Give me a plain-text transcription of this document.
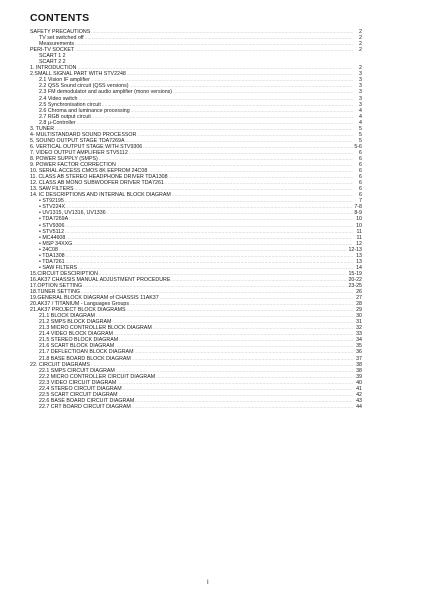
CONTENTS
SAFETY PRECAUTIONS .....	2
TV set switched off .....	2
Measurements .....	2
PERI-TV SOCKET .....	2
SCART 1 2
SCART 2 2
1. INTRODUCTION .....	2
2.SMALL SIGNAL PART WITH STV2248 .....	3
2.1 Vision IF amplifier .....	3
2.2 QSS Sound circuit (QSS versions) .....	3
2.3 FM demodulator and audio amplifier (mono versions) .....	3
2.4 Video switch .....	3
2.5 Synchronisation circuit .....	3
2.6 Chroma and luminance processing .....	4
2.7 RGB output circuit .....	4
2.8 µ-Controller .....	4
3. TUNER .....	5
4- MULTISTANDARD SOUND PROCESSOR .....	5
5. SOUND OUTPUT STAGE TDA7269A .....	5
6. VERTICAL OUTPUT STAGE WITH STV9306 .....	5-6
7. VIDEO OUTPUT AMPLIFIER STV5112 .....	6
8. POWER SUPPLY (SMPS) .....	6
9. POWER FACTOR CORRECTION .....	6
10. SERIAL ACCESS CMOS 8K EEPROM 24C08 .....	6
11. CLASS AB STEREO HEADPHONE DRIVER TDA1308 .....	6
12. CLASS AB MONO SUBWOOFER DRIVER TDA7261 .....	6
13. SAW FILTERS .....	6
14. IC DESCRIPTIONS AND INTERNAL BLOCK DIAGRAM .....	6
• ST92195 .....	7
• STV224X .....	7-8
• UV1315, UV1316, UV1336 .....	8-9
• TDA7269A .....	10
• STV9306 .....	10
• STV5112 .....	11
• MC44608 .....	11
• MSP 34XXG .....	12
• 24C08 .....	12-13
• TDA1308 .....	13
• TDA7261 .....	13
• SAW FILTERS .....	14
15.CIRCUIT DESCIRIPTION .....	15-19
16.AK37 CHASSIS MANUAL ADJUSTMENT PROCEDURE .....	20-22
17.OPTION SETTING .....	23-25
18.TUNER SETTING .....	26
19.GENERAL BLOCK DIAGRAM of CHASSIS 11AK37 .....	27
20.AK37 / TITANIUM - Languages Groups .....	28
21.AK37 PROJECT BLOCK DIAGRAMS .....	29
21.1 BLOCK DIAGRAM .....	30
21.2 SMPS BLOCK DIAGRAM .....	31
21.3 MICRO CONTROLLER BLOCK DIAGRAM .....	32
21.4 VIDEO BLOCK DIAGRAM .....	33
21.5 STEREO BLOCK DIAGRAM .....	34
21.6 SCART BLOCK DIAGRAM .....	35
21.7 DEFLECTIOAN BLOCK DIAGRAM .....	36
21.8 BASE BOARD BLOCK DIAGRAM .....	37
22. CIRCUIT DIAGRAMS .....	38
22.1 SMPS CIRCUIT DIAGRAM .....	38
22.2 MICRO CONTROLLER CIRCUIT DIAGRAM .....	39
22.3 VIDEO CIRCUIT DIAGRAM .....	40
22.4 STEREO CIRCUIT DIAGRAM .....	41
22.5 SCART CIRCUIT DIAGRAM .....	42
22.6 BASE BOARD CIRCUIT DIAGRAM .....	43
22.7 CRT BOARD CIRCUIT DIAGRAM .....	44
I
